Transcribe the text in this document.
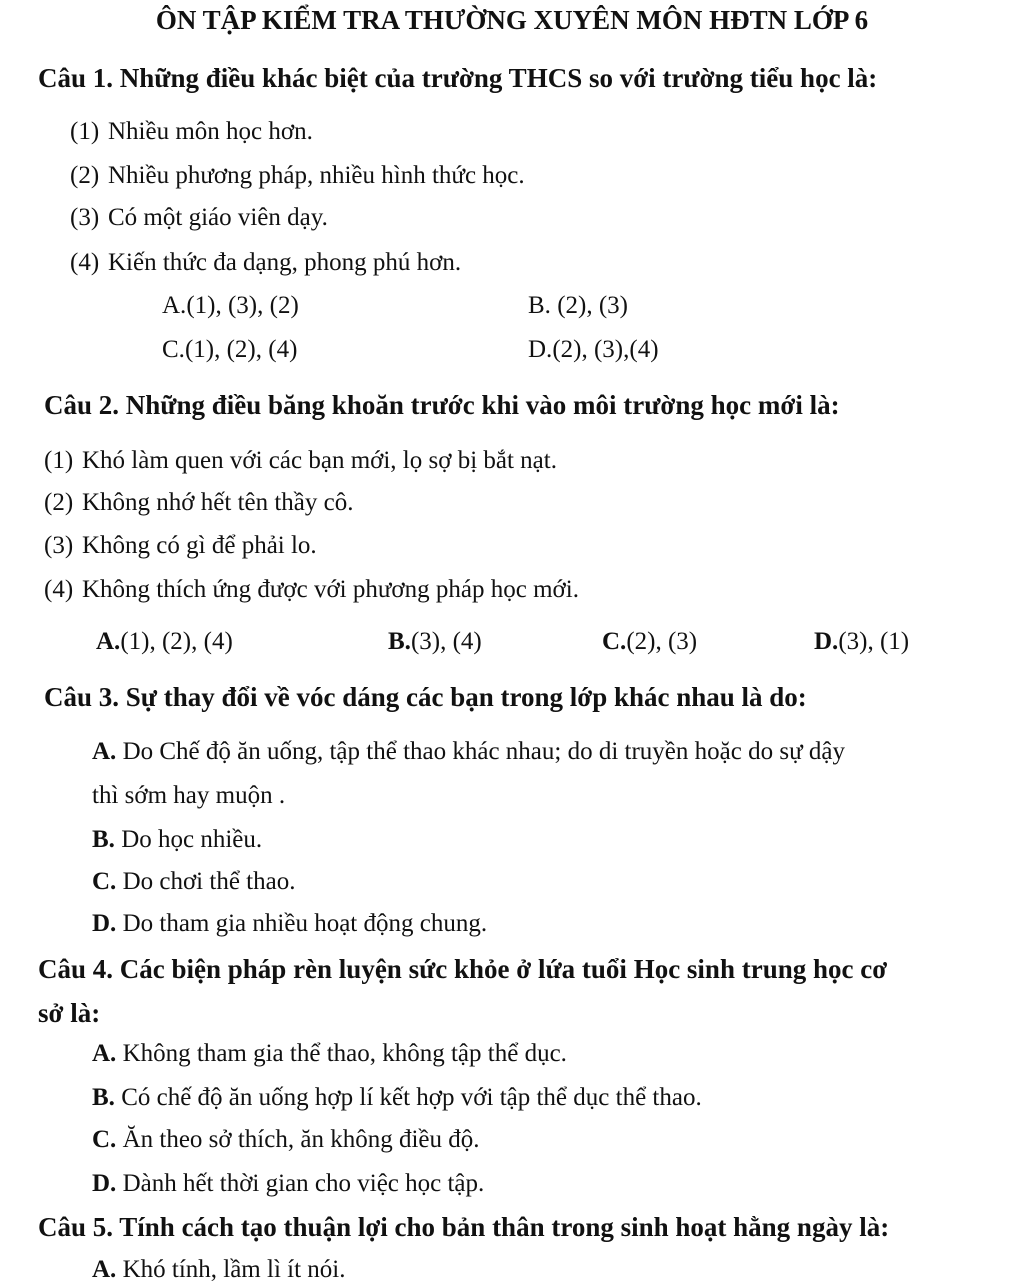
ÔN TẬP KIỂM TRA THƯỜNG XUYÊN MÔN HĐTN LỚP 6
Câu 1. Những điều khác biệt của trường THCS so với trường tiểu học là:
(1) Nhiều môn học hơn.
(2) Nhiều phương pháp, nhiều hình thức học.
(3) Có một giáo viên dạy.
(4) Kiến thức đa dạng, phong phú hơn.
A.(1), (3), (2)	B. (2), (3)
C.(1), (2), (4)	D.(2), (3),(4)
Câu 2. Những điều băng khoăn trước khi vào môi trường học mới là:
(1) Khó làm quen với các bạn mới, lọ sợ bị bắt nạt.
(2) Không nhớ hết tên thầy cô.
(3) Không có gì để phải lo.
(4) Không thích ứng được với phương pháp học mới.
A.(1), (2), (4)	B.(3), (4)	C.(2), (3)	D.(3), (1)
Câu 3. Sự thay đổi về vóc dáng các bạn trong lớp khác nhau là do:
A. Do Chế độ ăn uống, tập thể thao khác nhau; do di truyền hoặc do sự dậy
thì sớm hay muộn .
B. Do học nhiều.
C. Do chơi thể thao.
D. Do tham gia nhiều hoạt động chung.
Câu 4. Các biện pháp rèn luyện sức khỏe ở lứa tuổi Học sinh trung học cơ
sở là:
A. Không tham gia thể thao, không tập thể dục.
B. Có chế độ ăn uống hợp lí kết hợp với tập thể dục thể thao.
C. Ăn theo sở thích, ăn không điều độ.
D. Dành hết thời gian cho việc học tập.
Câu 5. Tính cách tạo thuận lợi cho bản thân trong sinh hoạt hằng ngày là:
A. Khó tính, lầm lì ít nói.
